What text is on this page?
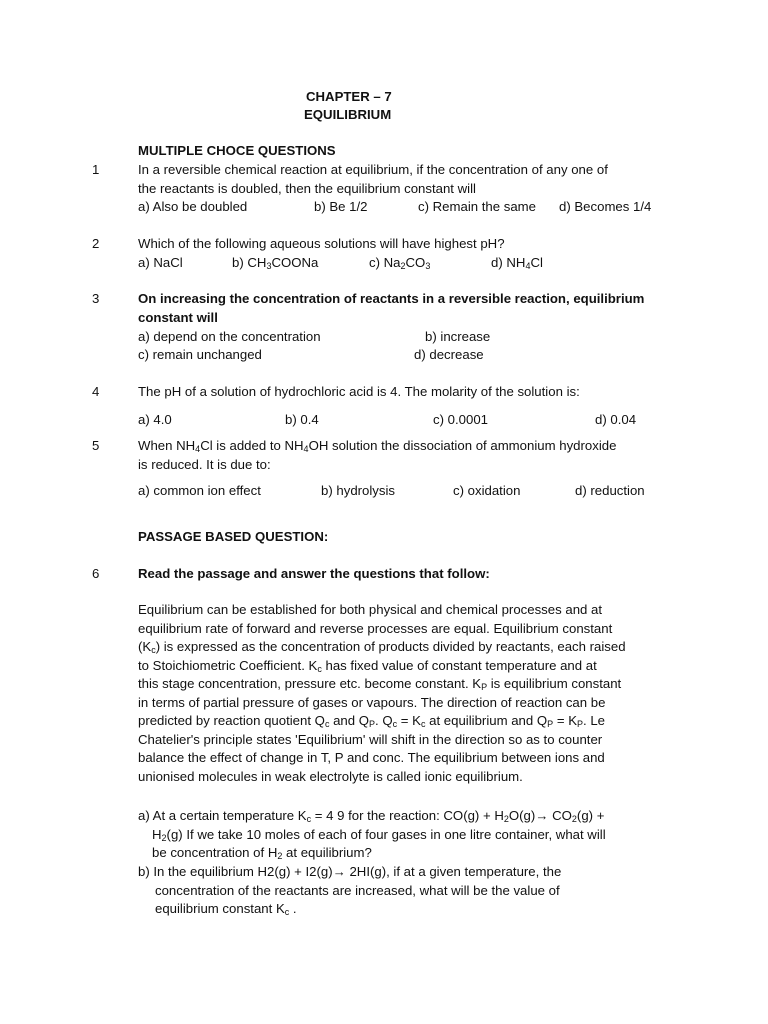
CHAPTER – 7
EQUILIBRIUM
MULTIPLE CHOCE QUESTIONS
1	In a reversible chemical reaction at equilibrium, if the concentration of any one of
the reactants is doubled, then the equilibrium constant will
a) Also be doubled	b) Be 1/2	c) Remain the same d) Becomes 1/4
2	Which of the following aqueous solutions will have highest pH?
a) NaCl	b) $CH_3COONa$	c) $Na_2CO_3$	d) $NH_4Cl$
3	On increasing the concentration of reactants in a reversible reaction, equilibrium
constant will
a) depend on the concentration	b) increase
c) remain unchanged	d) decrease
4	The pH of a solution of hydrochloric acid is 4. The molarity of the solution is:
a) 4.0	b) 0.4	c) 0.0001	d) 0.04
5	When $NH_4Cl$ is added to $NH_4OH$ solution the dissociation of ammonium hydroxide
is reduced. It is due to:
a) common ion effect	b) hydrolysis	c) oxidation	d) reduction
PASSAGE BASED QUESTION:
6	Read the passage and answer the questions that follow:
Equilibrium can be established for both physical and chemical processes and at
equilibrium rate of forward and reverse processes are equal. Equilibrium constant
$(K_c)$ is expressed as the concentration of products divided by reactants, each raised
to Stoichiometric Coefficient. $K_c$ has fixed value of constant temperature and at
this stage concentration, pressure etc. become constant. $K_P$ is equilibrium constant
in terms of partial pressure of gases or vapours. The direction of reaction can be
predicted by reaction quotient $Q_c$ and $Q_P$. $Q_c = K_c$ at equilibrium and $Q_P = K_P$. Le
Chatelier's principle states 'Equilibrium' will shift in the direction so as to counter
balance the effect of change in T, P and conc. The equilibrium between ions and
unionised molecules in weak electrolyte is called ionic equilibrium.
a) At a certain temperature $K_c = 4$ 9 for the reaction: $CO(g) + H_2O(g)\to CO_2(g)$ +
$H_2(g)$ If we take 10 moles of each of four gases in one litre container, what will
be concentration of $H_2$ at equilibrium?
b) In the equilibrium H2(g) + I2(g)→ 2HI(g), if at a given temperature, the
concentration of the reactants are increased, what will be the value of
equilibrium constant $K_c$ .
